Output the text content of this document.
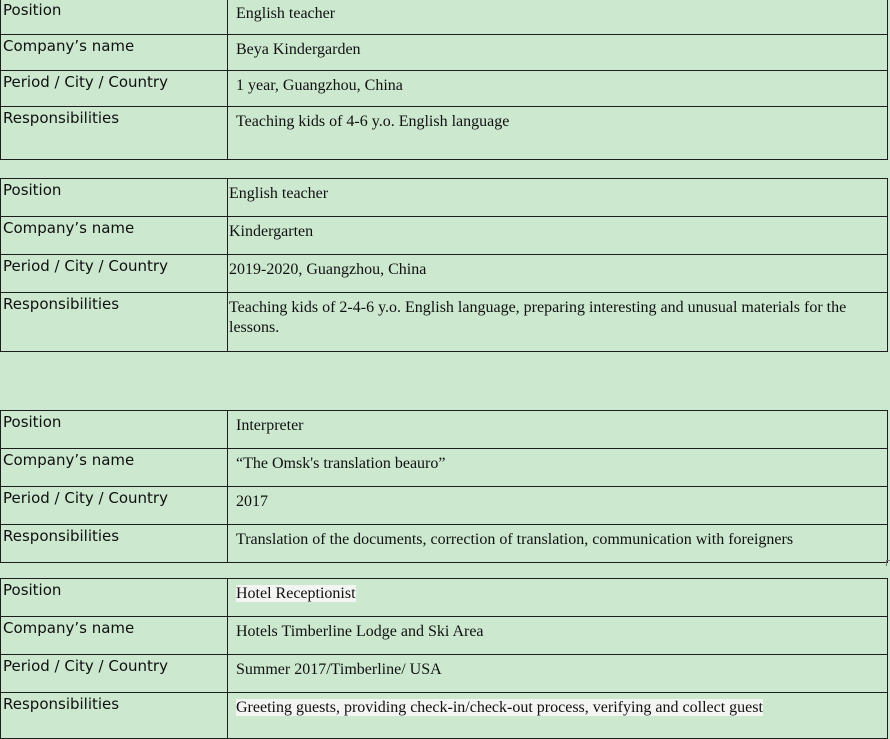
Position	English teacher
Company’s name	Beya Kindergarden
Period / City / Country	1 year, Guangzhou, China
Responsibilities	Teaching kids of 4-6 y.o. English language
Position	English teacher
Company’s name	Kindergarten
Period / City / Country	2019-2020, Guangzhou, China
Responsibilities	Teaching kids of 2-4-6 y.o. English language, preparing interesting and unusual materials for the lessons.
Position	Interpreter
Company’s name	“The Omsk's translation beauro”
Period / City / Country	2017
Responsibilities	Translation of the documents, correction of translation, communication with foreigners
Position	Hotel Receptionist
Company’s name	Hotels Timberline Lodge and Ski Area
Period / City / Country	Summer 2017/Timberline/ USA
Responsibilities	Greeting guests, providing check-in/check-out process, verifying and collect guest
